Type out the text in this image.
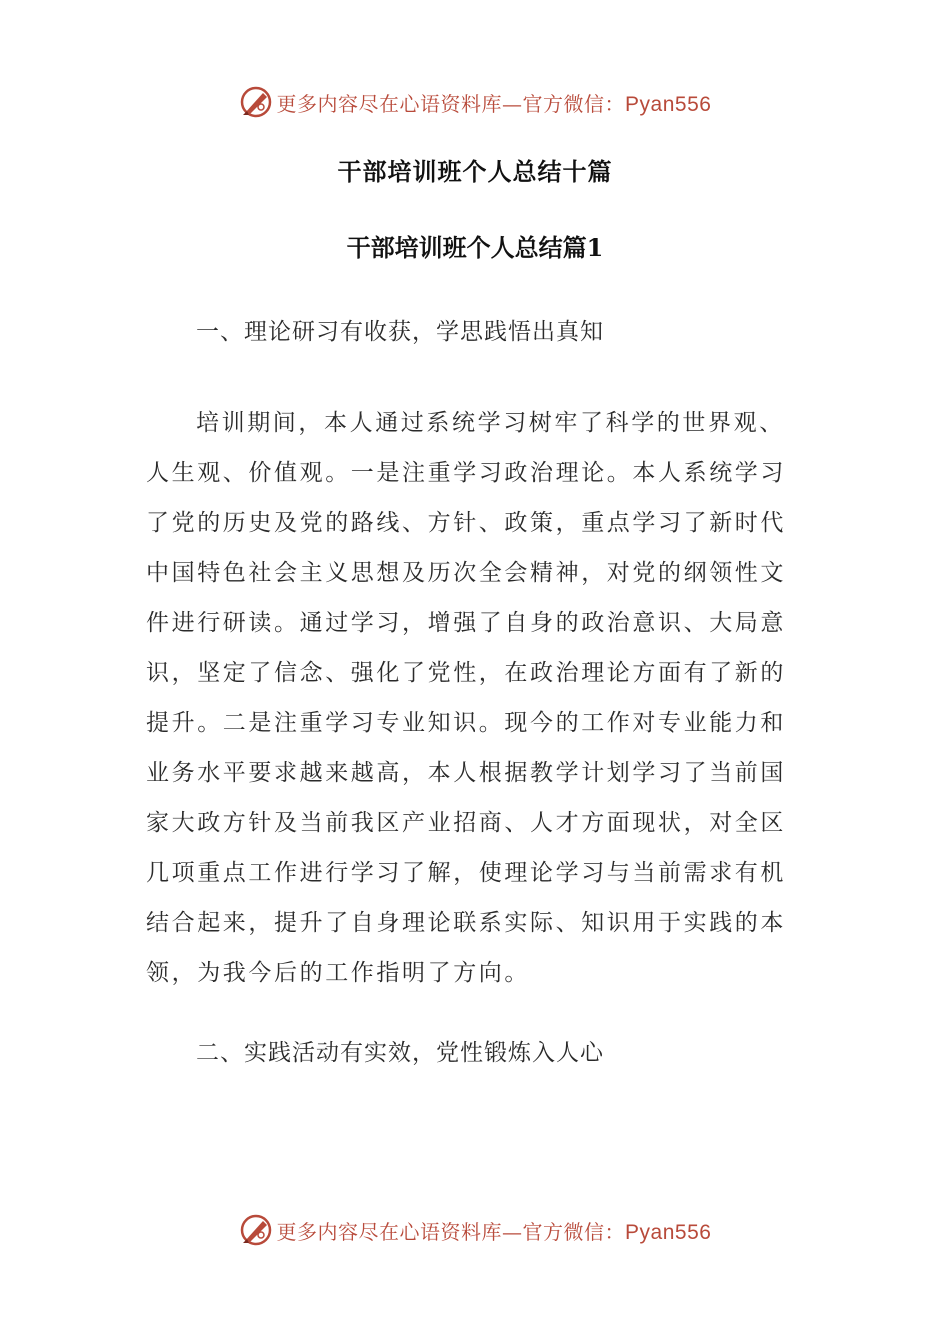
更多内容尽在心语资料库—官方微信：Pyan556
干部培训班个人总结十篇
干部培训班个人总结篇1
一、理论研习有收获，学思践悟出真知

培训期间，本人通过系统学习树牢了科学的世界观、人生观、价值观。一是注重学习政治理论。本人系统学习了党的历史及党的路线、方针、政策，重点学习了新时代中国特色社会主义思想及历次全会精神，对党的纲领性文件进行研读。通过学习，增强了自身的政治意识、大局意识，坚定了信念、强化了党性，在政治理论方面有了新的提升。二是注重学习专业知识。现今的工作对专业能力和业务水平要求越来越高，本人根据教学计划学习了当前国家大政方针及当前我区产业招商、人才方面现状，对全区几项重点工作进行学习了解，使理论学习与当前需求有机结合起来，提升了自身理论联系实际、知识用于实践的本领，为我今后的工作指明了方向。

二、实践活动有实效，党性锻炼入人心
更多内容尽在心语资料库—官方微信：Pyan556
